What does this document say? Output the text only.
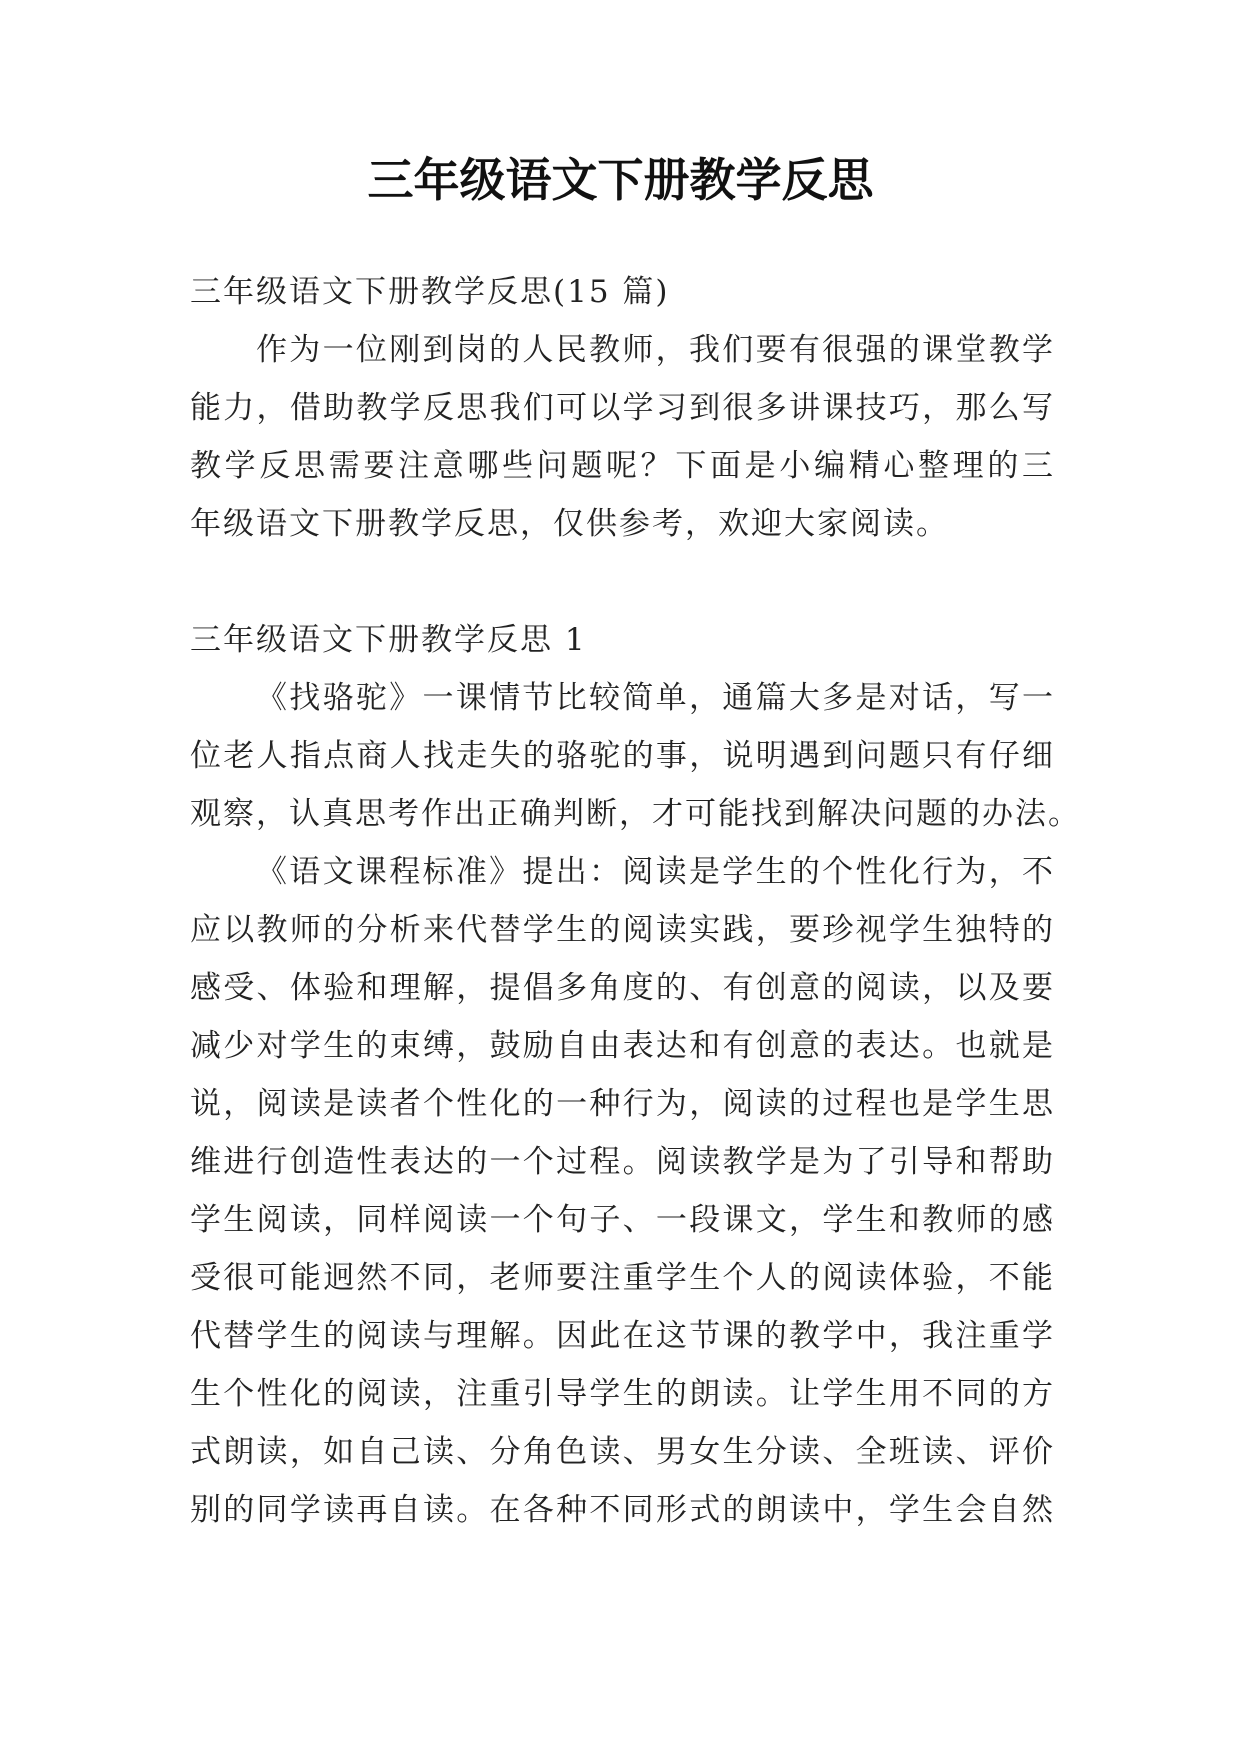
三年级语文下册教学反思

三年级语文下册教学反思(15 篇)

作为一位刚到岗的人民教师，我们要有很强的课堂教学

能力，借助教学反思我们可以学习到很多讲课技巧，那么写

教学反思需要注意哪些问题呢？下面是小编精心整理的三

年级语文下册教学反思，仅供参考，欢迎大家阅读。

三年级语文下册教学反思 1

《找骆驼》一课情节比较简单，通篇大多是对话，写一

位老人指点商人找走失的骆驼的事，说明遇到问题只有仔细

观察，认真思考作出正确判断，才可能找到解决问题的办法。

《语文课程标准》提出：阅读是学生的个性化行为，不

应以教师的分析来代替学生的阅读实践，要珍视学生独特的

感受、体验和理解，提倡多角度的、有创意的阅读，以及要

减少对学生的束缚，鼓励自由表达和有创意的表达。也就是

说，阅读是读者个性化的一种行为，阅读的过程也是学生思

维进行创造性表达的一个过程。阅读教学是为了引导和帮助

学生阅读，同样阅读一个句子、一段课文，学生和教师的感

受很可能迥然不同，老师要注重学生个人的阅读体验，不能

代替学生的阅读与理解。因此在这节课的教学中，我注重学

生个性化的阅读，注重引导学生的朗读。让学生用不同的方

式朗读，如自己读、分角色读、男女生分读、全班读、评价

别的同学读再自读。在各种不同形式的朗读中，学生会自然
